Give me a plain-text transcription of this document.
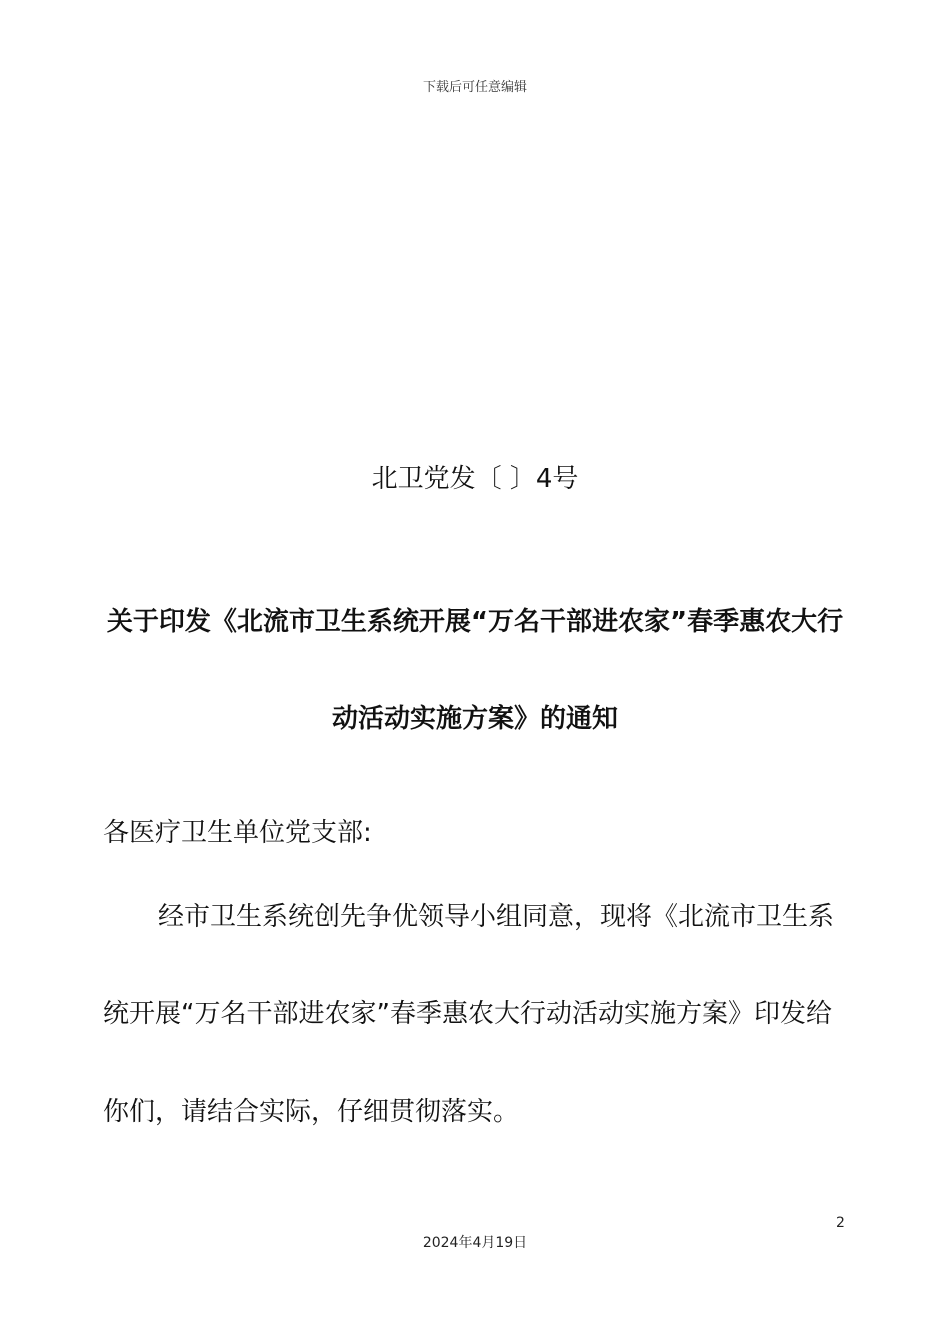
下载后可任意编辑
北卫党发〔 〕4号
关于印发《北流市卫生系统开展“万名干部进农家”春季惠农大行
动活动实施方案》的通知
各医疗卫生单位党支部:
经市卫生系统创先争优领导小组同意，现将《北流市卫生系
统开展“万名干部进农家”春季惠农大行动活动实施方案》印发给
你们，请结合实际，仔细贯彻落实。
2
2024年4月19日
